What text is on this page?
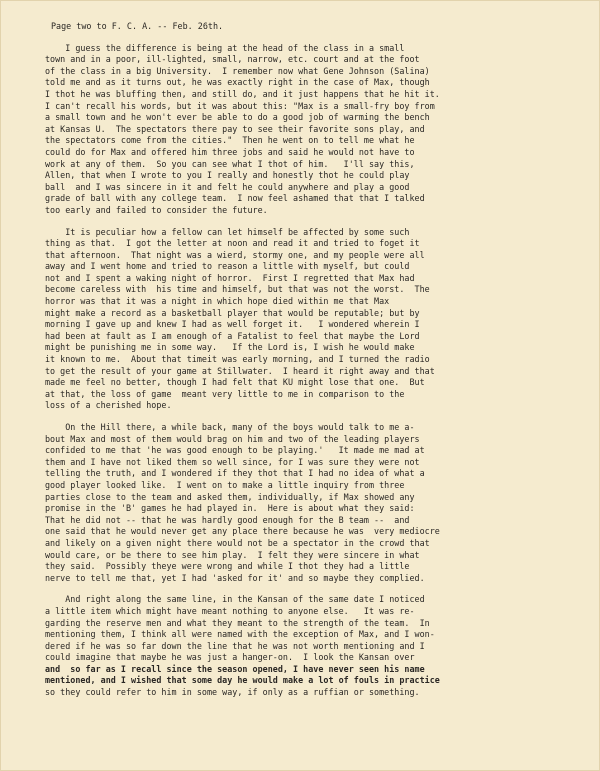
Page two to F. C. A. -- Feb. 26th.
I guess the difference is being at the head of the class in a small
town and in a poor, ill-lighted, small, narrow, etc. court and at the foot
of the class in a big University.  I remember now what Gene Johnson (Salina)
told me and as it turns out, he was exactly right in the case of Max, though
I thot he was bluffing then, and still do, and it just happens that he hit it.
I can't recall his words, but it was about this: "Max is a small-fry boy from
a small town and he won't ever be able to do a good job of warming the bench
at Kansas U.  The spectators there pay to see their favorite sons play, and
the spectators come from the cities."  Then he went on to tell me what he
could do for Max and offered him three jobs and said he would not have to
work at any of them.  So you can see what I thot of him.   I'll say this,
Allen, that when I wrote to you I really and honestly thot he could play
ball  and I was sincere in it and felt he could anywhere and play a good
grade of ball with any college team.  I now feel ashamed that that I talked
too early and failed to consider the future.
It is peculiar how a fellow can let himself be affected by some such
thing as that.  I got the letter at noon and read it and tried to foget it
that afternoon.  That night was a wierd, stormy one, and my people were all
away and I went home and tried to reason a little with myself, but could
not and I spent a waking night of horror.  First I regretted that Max had
become careless with  his time and himself, but that was not the worst.  The
horror was that it was a night in which hope died within me that Max
might make a record as a basketball player that would be reputable; but by
morning I gave up and knew I had as well forget it.   I wondered wherein I
had been at fault as I am enough of a Fatalist to feel that maybe the Lord
might be punishing me in some way.   If the Lord is, I wish he would make
it known to me.  About that timeit was early morning, and I turned the radio
to get the result of your game at Stillwater.  I heard it right away and that
made me feel no better, though I had felt that KU might lose that one.  But
at that, the loss of game  meant very little to me in comparison to the
loss of a cherished hope.
On the Hill there, a while back, many of the boys would talk to me a-
bout Max and most of them would brag on him and two of the leading players
confided to me that 'he was good enough to be playing.'   It made me mad at
them and I have not liked them so well since, for I was sure they were not
telling the truth, and I wondered if they thot that I had no idea of what a
good player looked like.  I went on to make a little inquiry from three
parties close to the team and asked them, individually, if Max showed any
promise in the 'B' games he had played in.  Here is about what they said:
That he did not -- that he was hardly good enough for the B team --  and
one said that he would never get any place there because he was  very mediocre
and likely on a given night there would not be a spectator in the crowd that
would care, or be there to see him play.  I felt they were sincere in what
they said.  Possibly theye were wrong and while I thot they had a little
nerve to tell me that, yet I had 'asked for it' and so maybe they complied.
And right along the same line, in the Kansan of the same date I noticed
a little item which might have meant nothing to anyone else.   It was re-
garding the reserve men and what they meant to the strength of the team.  In
mentioning them, I think all were named with the exception of Max, and I won-
dered if he was so far down the line that he was not worth mentioning and I
could imagine that maybe he was just a hanger-on.  I look the Kansan over
and  so far as I recall since the season opened, I have never seen his name
mentioned, and I wished that some day he would make a lot of fouls in practice
so they could refer to him in some way, if only as a ruffian or something.
